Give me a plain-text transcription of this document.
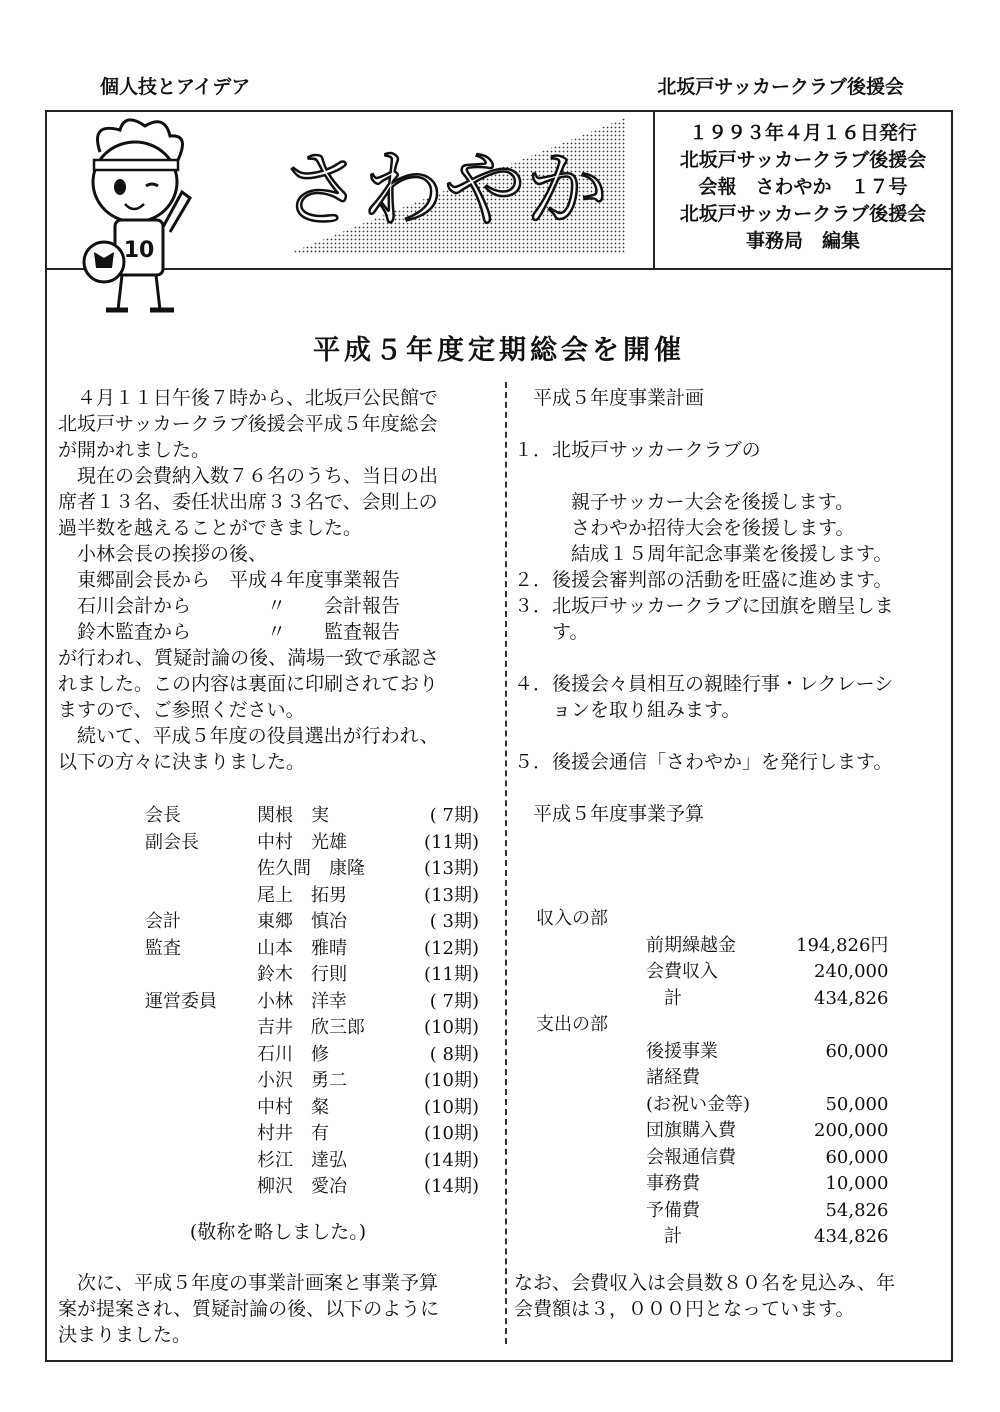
個人技とアイデア	北坂戸サッカークラブ後援会
10
さわやか
１９９３年４月１６日発行
北坂戸サッカークラブ後援会
会報　さわやか　１７号
北坂戸サッカークラブ後援会
事務局　編集
平成５年度定期総会を開催

　４月１１日午後７時から、北坂戸公民館で

北坂戸サッカークラブ後援会平成５年度総会

が開かれました。

　現在の会費納入数７６名のうち、当日の出

席者１３名、委任状出席３３名で、会則上の

過半数を越えることができました。

　小林会長の挨拶の後、

　東郷副会長から　平成４年度事業報告

　石川会計から　　　　〃　　会計報告

　鈴木監査から　　　　〃　　監査報告

が行われ、質疑討論の後、満場一致で承認さ

れました。この内容は裏面に印刷されており

ますので、ご参照ください。

　続いて、平成５年度の役員選出が行われ、

以下の方々に決まりました。

会長	関根　実	( 7期)
副会長	中村　光雄	(11期)
	佐久間　康隆	(13期)
	尾上　拓男	(13期)
会計	東郷　慎冶	( 3期)
監査	山本　雅晴	(12期)
	鈴木　行則	(11期)
運営委員	小林　洋幸	( 7期)
	吉井　欣三郎	(10期)
	石川　修	( 8期)
	小沢　勇二	(10期)
	中村　粲	(10期)
	村井　有	(10期)
	杉江　達弘	(14期)
	柳沢　愛冶	(14期)
(敬称を略しました。)

　次に、平成５年度の事業計画案と事業予算

案が提案され、質疑討論の後、以下のように

決まりました。

　平成５年度事業計画

１．北坂戸サッカークラブの

　　　親子サッカー大会を後援します。

　　　さわやか招待大会を後援します。

　　　結成１５周年記念事業を後援します。

２．後援会審判部の活動を旺盛に進めます。

３．北坂戸サッカークラブに団旗を贈呈しま

　　す。

４．後援会々員相互の親睦行事・レクレーシ

　　ョンを取り組みます。

５．後援会通信「さわやか」を発行します。

　平成５年度事業予算

収入の部		
	前期繰越金	194,826円
	会費収入	240,000
	　計	434,826
支出の部		
	後援事業	60,000
	諸経費	
	(お祝い金等)	50,000
	団旗購入費	200,000
	会報通信費	60,000
	事務費	10,000
	予備費	54,826
	　計	434,826

なお、会費収入は会員数８０名を見込み、年

会費額は３，０００円となっています。
